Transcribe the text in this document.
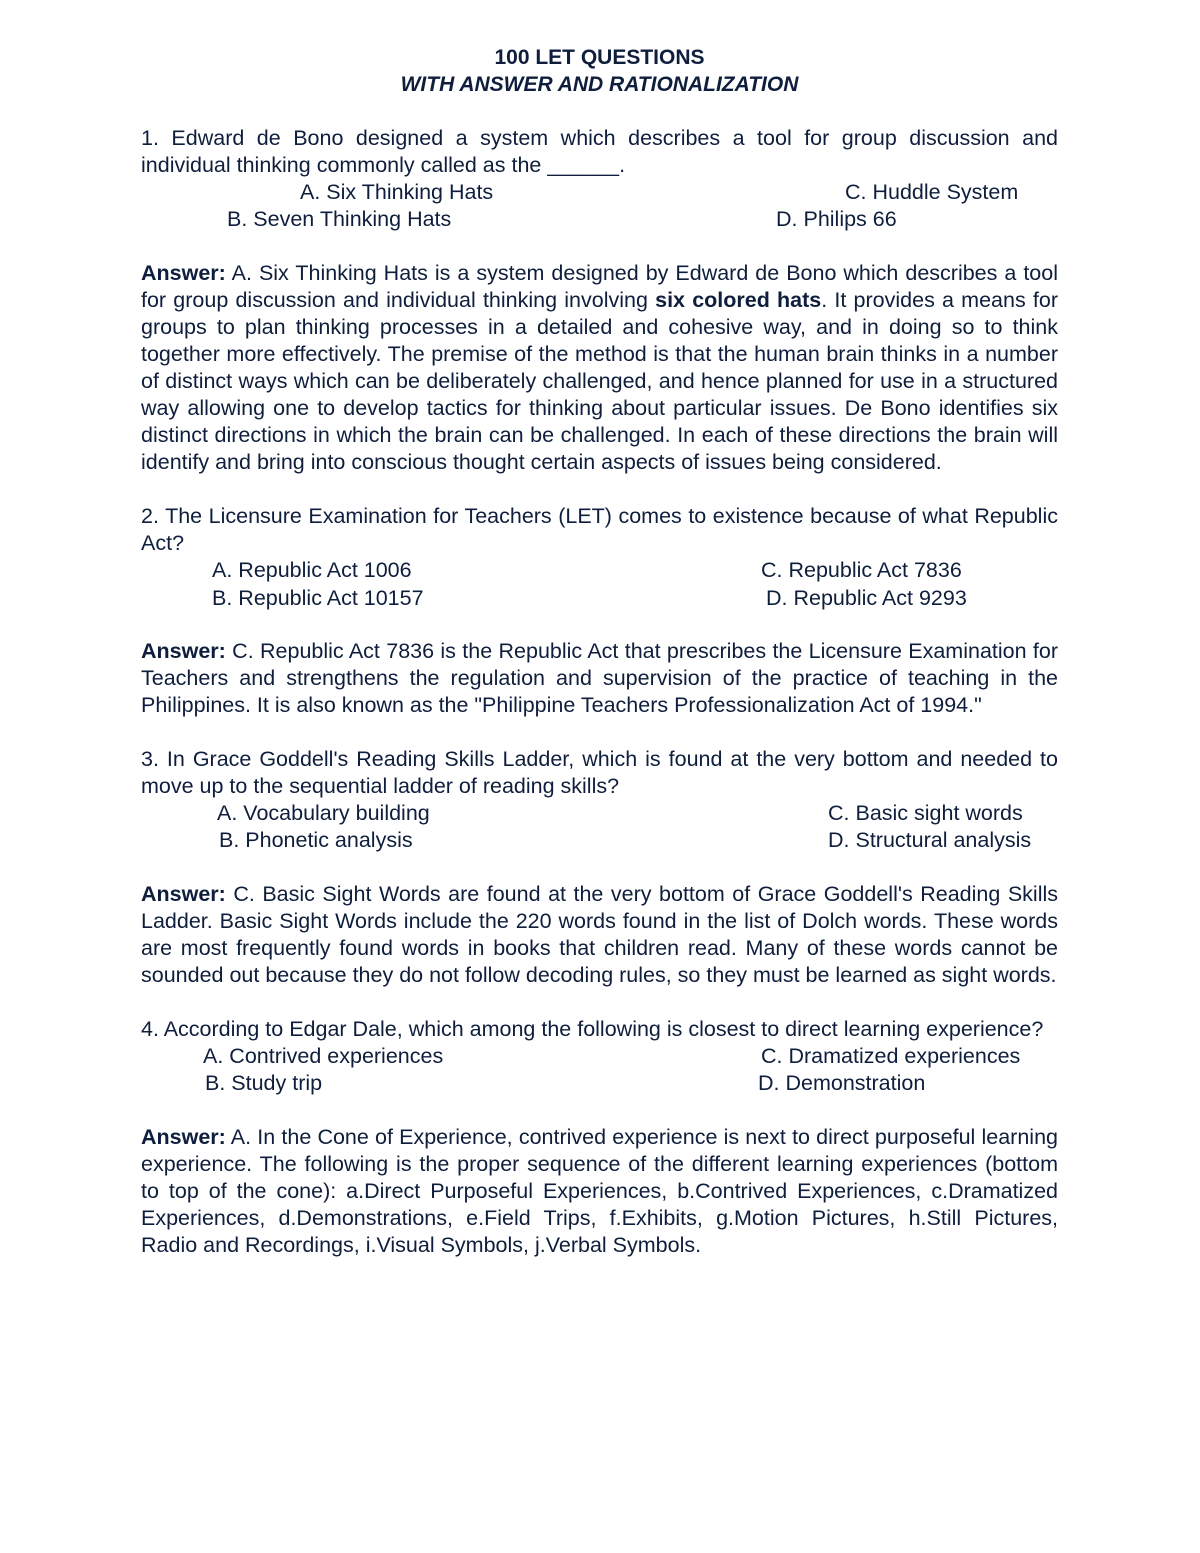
100 LET QUESTIONS
WITH ANSWER AND RATIONALIZATION

1. Edward de Bono designed a system which describes a tool for group discussion and individual thinking commonly called as the ______.

A. Six Thinking Hats	C. Huddle System
B. Seven Thinking Hats	D. Philips 66

Answer: A. Six Thinking Hats is a system designed by Edward de Bono which describes a tool for group discussion and individual thinking involving six colored hats. It provides a means for groups to plan thinking processes in a detailed and cohesive way, and in doing so to think together more effectively. The premise of the method is that the human brain thinks in a number of distinct ways which can be deliberately challenged, and hence planned for use in a structured way allowing one to develop tactics for thinking about particular issues. De Bono identifies six distinct directions in which the brain can be challenged. In each of these directions the brain will identify and bring into conscious thought certain aspects of issues being considered.

2. The Licensure Examination for Teachers (LET) comes to existence because of what Republic Act?

A. Republic Act 1006	C. Republic Act 7836
B. Republic Act 10157	D. Republic Act 9293

Answer: C. Republic Act 7836 is the Republic Act that prescribes the Licensure Examination for Teachers and strengthens the regulation and supervision of the practice of teaching in the Philippines. It is also known as the "Philippine Teachers Professionalization Act of 1994."

3. In Grace Goddell's Reading Skills Ladder, which is found at the very bottom and needed to move up to the sequential ladder of reading skills?

A. Vocabulary building	C. Basic sight words
B. Phonetic analysis	D. Structural analysis

Answer: C. Basic Sight Words are found at the very bottom of Grace Goddell's Reading Skills Ladder. Basic Sight Words include the 220 words found in the list of Dolch words. These words are most frequently found words in books that children read. Many of these words cannot be sounded out because they do not follow decoding rules, so they must be learned as sight words.

4. According to Edgar Dale, which among the following is closest to direct learning experience?

A. Contrived experiences	C. Dramatized experiences
B. Study trip	D. Demonstration

Answer: A. In the Cone of Experience, contrived experience is next to direct purposeful learning experience. The following is the proper sequence of the different learning experiences (bottom to top of the cone): a.Direct Purposeful Experiences, b.Contrived Experiences, c.Dramatized Experiences, d.Demonstrations, e.Field Trips, f.Exhibits, g.Motion Pictures, h.Still Pictures, Radio and Recordings, i.Visual Symbols, j.Verbal Symbols.
